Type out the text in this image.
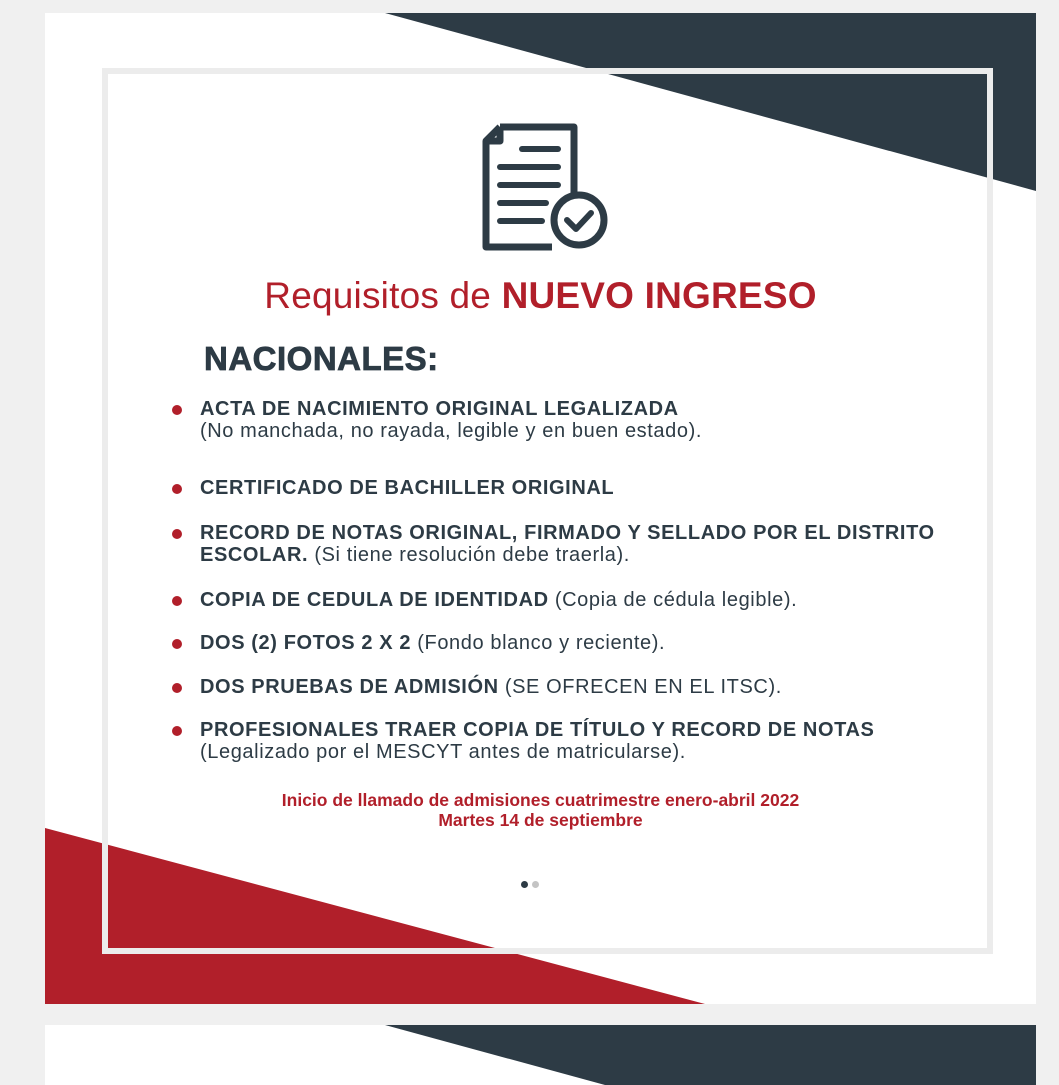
Requisitos de NUEVO INGRESO
NACIONALES:
ACTA DE NACIMIENTO ORIGINAL LEGALIZADA
(No manchada, no rayada, legible y en buen estado).
CERTIFICADO DE BACHILLER ORIGINAL
RECORD DE NOTAS ORIGINAL, FIRMADO Y SELLADO POR EL DISTRITO ESCOLAR. (Si tiene resolución debe traerla).
COPIA DE CEDULA DE IDENTIDAD (Copia de cédula legible).
DOS (2) FOTOS 2 X 2 (Fondo blanco y reciente).
DOS PRUEBAS DE ADMISIÓN (SE OFRECEN EN EL ITSC).
PROFESIONALES TRAER COPIA DE TÍTULO Y RECORD DE NOTAS
(Legalizado por el MESCYT antes de matricularse).
Inicio de llamado de admisiones cuatrimestre enero-abril 2022
Martes 14 de septiembre
